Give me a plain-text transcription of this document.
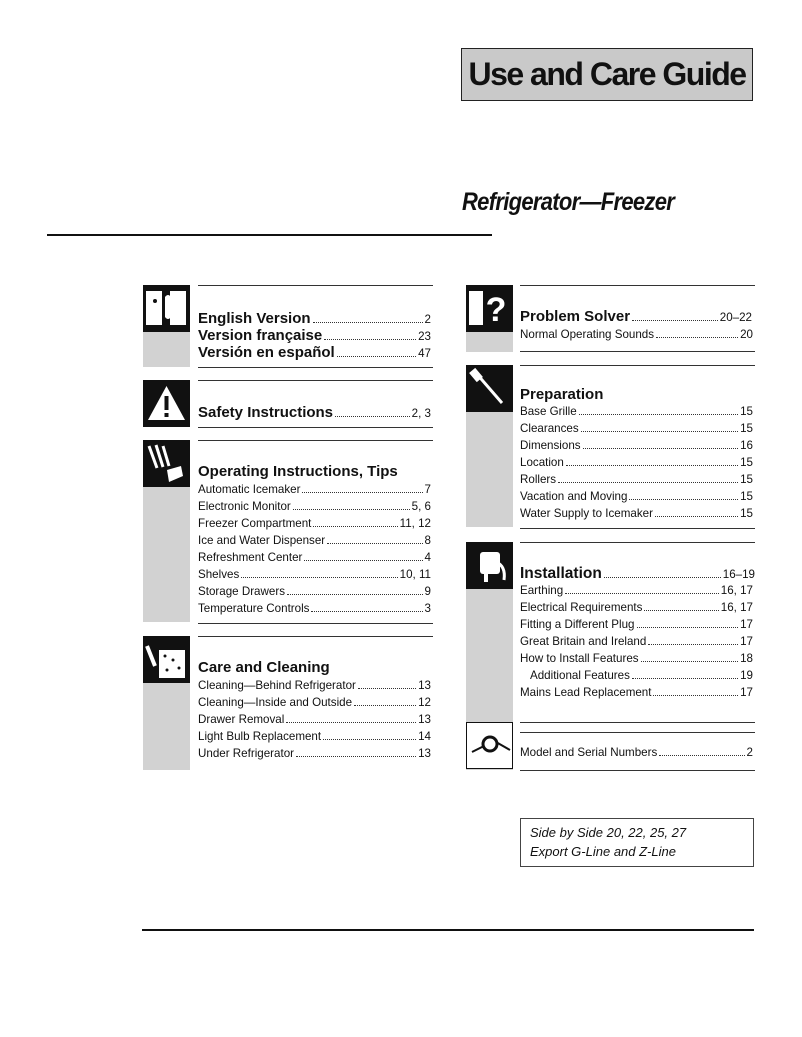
Use and Care Guide
Refrigerator—Freezer
English Version	2
Version française	23
Versión en español	47
Safety Instructions	2, 3
Operating Instructions, Tips
Care and Cleaning
? Problem Solver	20–22
Preparation
Installation	16–19
Model and Serial Numbers	2
Side by Side 20, 22, 25, 27
Export G-Line and Z-Line
Automatic Icemaker	7
Electronic Monitor	5, 6
Freezer Compartment	11, 12
Ice and Water Dispenser	8
Refreshment Center	4
Shelves	10, 11
Storage Drawers	9
Temperature Controls	3
Cleaning—Behind Refrigerator	13
Cleaning—Inside and Outside	12
Drawer Removal	13
Light Bulb Replacement	14
Under Refrigerator	13
Normal Operating Sounds	20
Base Grille	15
Clearances	15
Dimensions	16
Location	15
Rollers	15
Vacation and Moving	15
Water Supply to Icemaker	15
Earthing	16, 17
Electrical Requirements	16, 17
Fitting a Different Plug	17
Great Britain and Ireland	17
How to Install Features	18
Additional Features	19
Mains Lead Replacement	17
